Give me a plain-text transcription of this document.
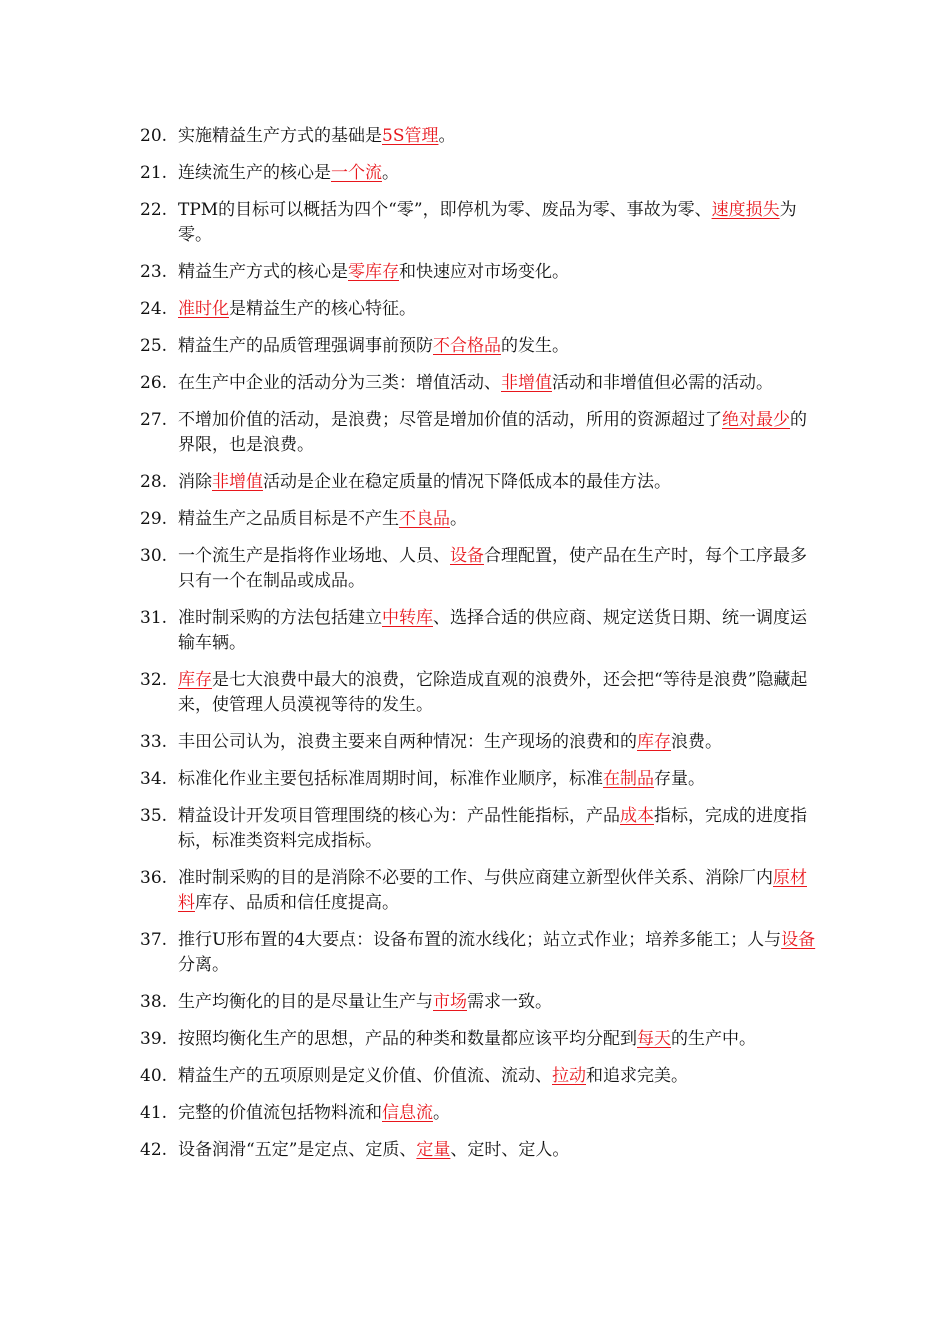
20. 实施精益生产方式的基础是5S管理。
21. 连续流生产的核心是一个流。
22. TPM的目标可以概括为四个“零”，即停机为零、废品为零、事故为零、速度损失为零。
23. 精益生产方式的核心是零库存和快速应对市场变化。
24. 准时化是精益生产的核心特征。
25. 精益生产的品质管理强调事前预防不合格品的发生。
26. 在生产中企业的活动分为三类：增值活动、非增值活动和非增值但必需的活动。
27. 不增加价值的活动，是浪费；尽管是增加价值的活动，所用的资源超过了绝对最少的界限，也是浪费。
28. 消除非增值活动是企业在稳定质量的情况下降低成本的最佳方法。
29. 精益生产之品质目标是不产生不良品。
30. 一个流生产是指将作业场地、人员、设备合理配置，使产品在生产时，每个工序最多只有一个在制品或成品。
31. 准时制采购的方法包括建立中转库、选择合适的供应商、规定送货日期、统一调度运输车辆。
32. 库存是七大浪费中最大的浪费，它除造成直观的浪费外，还会把“等待是浪费”隐藏起来，使管理人员漠视等待的发生。
33. 丰田公司认为，浪费主要来自两种情况：生产现场的浪费和的库存浪费。
34. 标准化作业主要包括标准周期时间，标准作业顺序，标准在制品存量。
35. 精益设计开发项目管理围绕的核心为：产品性能指标，产品成本指标，完成的进度指标，标准类资料完成指标。
36. 准时制采购的目的是消除不必要的工作、与供应商建立新型伙伴关系、消除厂内原材料库存、品质和信任度提高。
37. 推行U形布置的4大要点：设备布置的流水线化；站立式作业；培养多能工；人与设备分离。
38. 生产均衡化的目的是尽量让生产与市场需求一致。
39. 按照均衡化生产的思想，产品的种类和数量都应该平均分配到每天的生产中。
40. 精益生产的五项原则是定义价值、价值流、流动、拉动和追求完美。
41. 完整的价值流包括物料流和信息流。
42. 设备润滑“五定”是定点、定质、定量、定时、定人。
